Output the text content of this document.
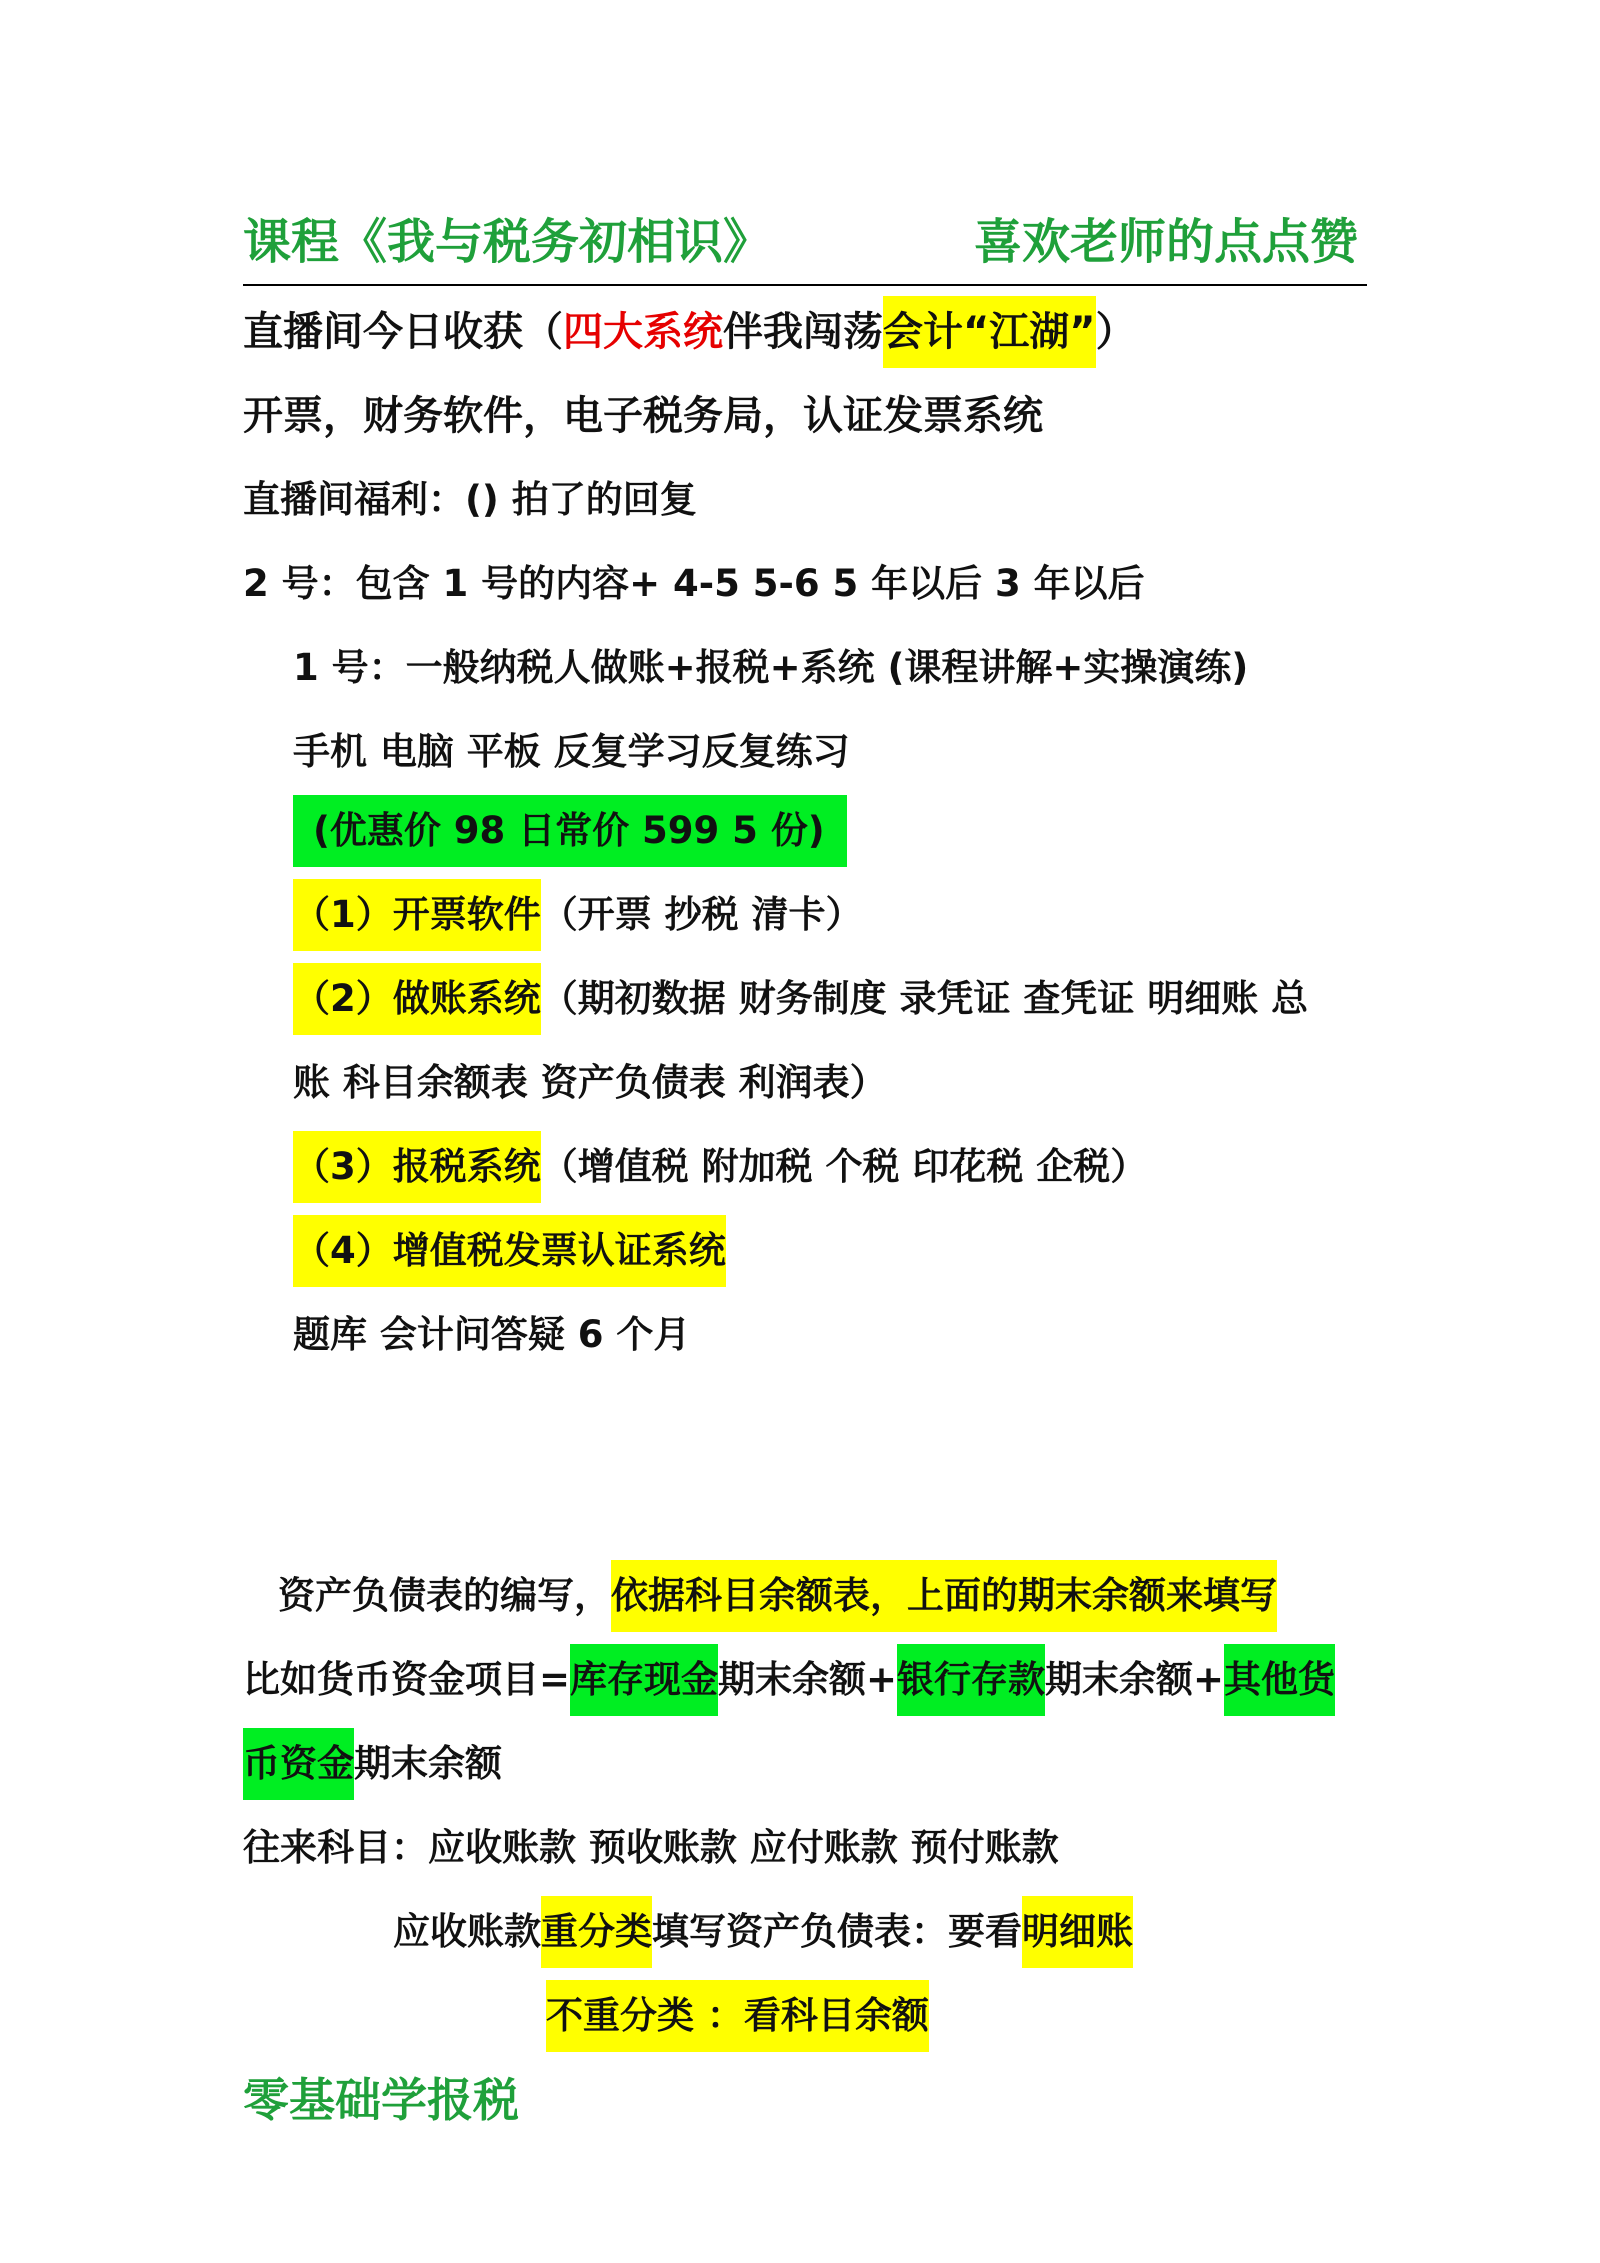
课程《我与税务初相识》	喜欢老师的点点赞
直播间今日收获（四大系统伴我闯荡会计“江湖”）
开票，财务软件，电子税务局，认证发票系统
直播间福利：() 拍了的回复
2 号：包含 1 号的内容+ 4-5 5-6 5 年以后 3 年以后
1 号：一般纳税人做账+报税+系统 (课程讲解+实操演练)
手机 电脑 平板 反复学习反复练习
(优惠价 98 日常价 599 5 份)
（1）开票软件（开票 抄税 清卡）
（2）做账系统（期初数据 财务制度 录凭证 查凭证 明细账 总
账 科目余额表 资产负债表 利润表）
（3）报税系统（增值税 附加税 个税 印花税 企税）
（4）增值税发票认证系统
题库 会计问答疑 6 个月
资产负债表的编写，依据科目余额表，上面的期末余额来填写
比如货币资金项目=库存现金期末余额+银行存款期末余额+其他货
币资金期末余额
往来科目：应收账款 预收账款 应付账款 预付账款
应收账款重分类填写资产负债表：要看明细账
不重分类 ：看科目余额
零基础学报税
